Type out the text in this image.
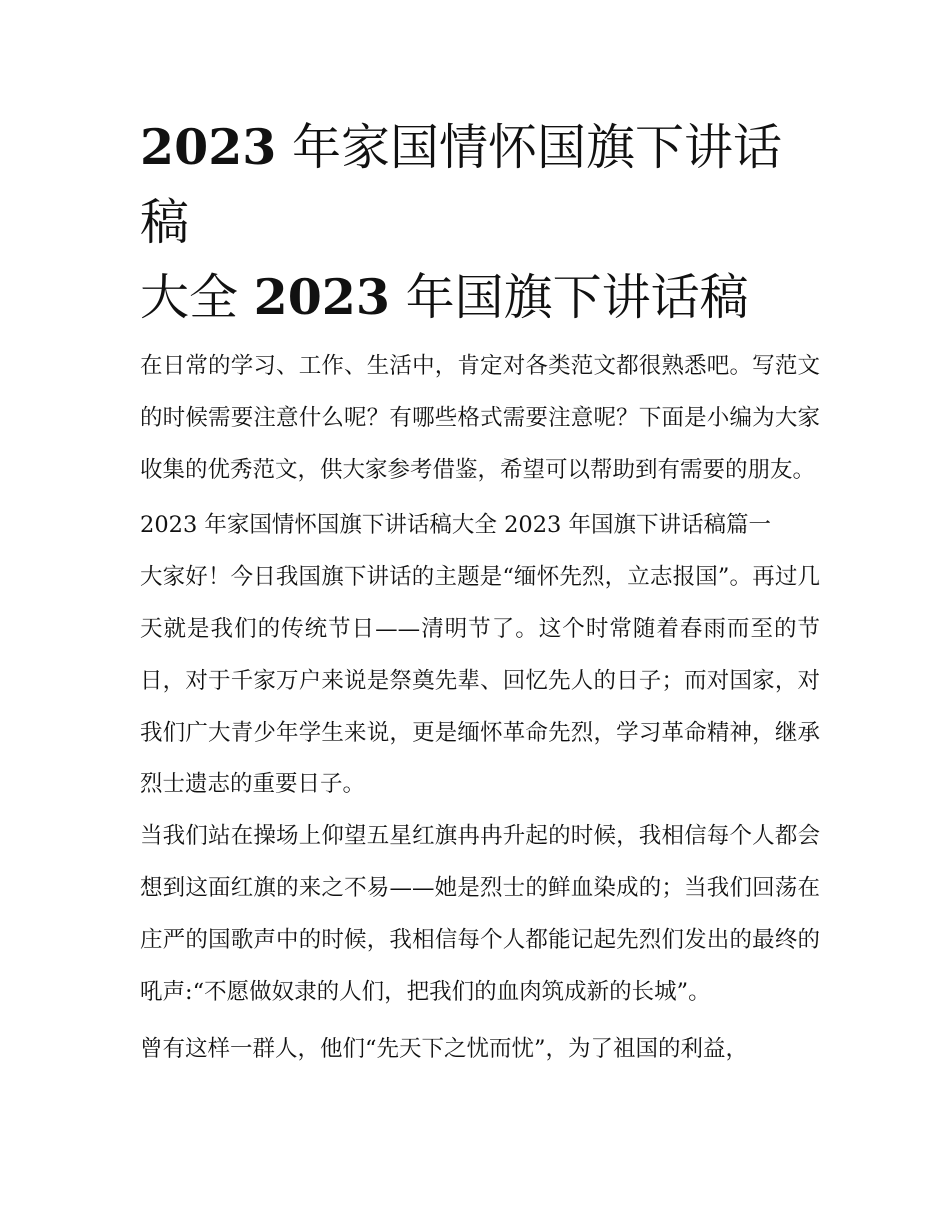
2023 年家国情怀国旗下讲话稿
大全 2023 年国旗下讲话稿

在日常的学习、工作、生活中，肯定对各类范文都很熟悉吧。写范文的时候需要注意什么呢？有哪些格式需要注意呢？下面是小编为大家收集的优秀范文，供大家参考借鉴，希望可以帮助到有需要的朋友。

2023 年家国情怀国旗下讲话稿大全 2023 年国旗下讲话稿篇一

大家好！今日我国旗下讲话的主题是“缅怀先烈，立志报国”。再过几天就是我们的传统节日——清明节了。这个时常随着春雨而至的节日，对于千家万户来说是祭奠先辈、回忆先人的日子；而对国家，对我们广大青少年学生来说，更是缅怀革命先烈，学习革命精神，继承烈士遗志的重要日子。

当我们站在操场上仰望五星红旗冉冉升起的时候，我相信每个人都会想到这面红旗的来之不易——她是烈士的鲜血染成的；当我们回荡在庄严的国歌声中的时候，我相信每个人都能记起先烈们发出的最终的吼声:“不愿做奴隶的人们，把我们的血肉筑成新的长城”。

曾有这样一群人，他们“先天下之忧而忧”，为了祖国的利益，
